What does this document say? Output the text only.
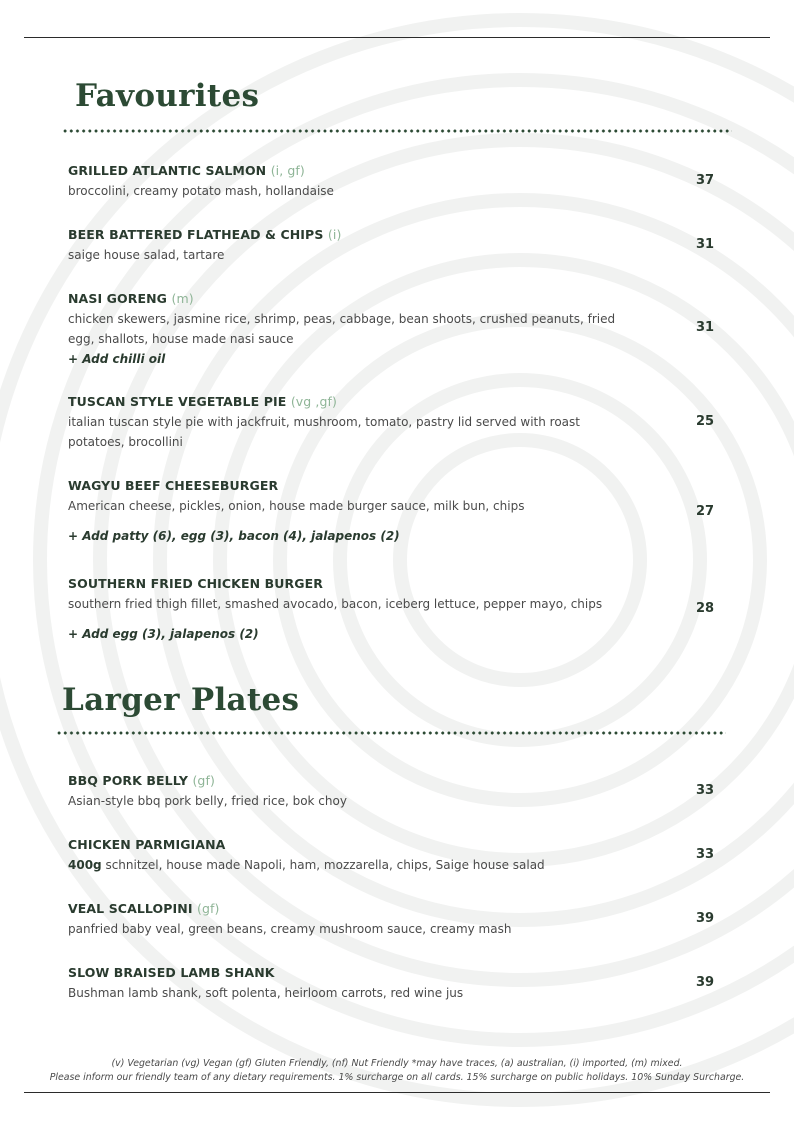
Favourites
GRILLED ATLANTIC SALMON (i, gf)
broccolini, creamy potato mash, hollandaise
37
BEER BATTERED FLATHEAD & CHIPS (i)
saige house salad, tartare
31
NASI GORENG (m)
chicken skewers, jasmine rice, shrimp, peas, cabbage, bean shoots, crushed peanuts, fried egg, shallots, house made nasi sauce
+ Add chilli oil
31
TUSCAN STYLE VEGETABLE PIE (vg ,gf)
italian tuscan style pie with jackfruit, mushroom, tomato, pastry lid served with roast potatoes, brocollini
25
WAGYU BEEF CHEESEBURGER
American cheese, pickles, onion, house made burger sauce, milk bun, chips
+ Add patty (6), egg (3), bacon (4), jalapenos (2)
27
SOUTHERN FRIED CHICKEN BURGER
southern fried thigh fillet, smashed avocado, bacon, iceberg lettuce, pepper mayo, chips
+ Add egg (3), jalapenos (2)
28
Larger Plates
BBQ PORK BELLY (gf)
Asian-style bbq pork belly, fried rice, bok choy
33
CHICKEN PARMIGIANA
400g schnitzel, house made Napoli, ham, mozzarella, chips, Saige house salad
33
VEAL SCALLOPINI (gf)
panfried baby veal, green beans, creamy mushroom sauce, creamy mash
39
SLOW BRAISED LAMB SHANK
Bushman lamb shank, soft polenta, heirloom carrots, red wine jus
39
(v) Vegetarian (vg) Vegan (gf) Gluten Friendly, (nf) Nut Friendly *may have traces, (a) australian, (i) imported, (m) mixed.
Please inform our friendly team of any dietary requirements. 1% surcharge on all cards. 15% surcharge on public holidays. 10% Sunday Surcharge.
